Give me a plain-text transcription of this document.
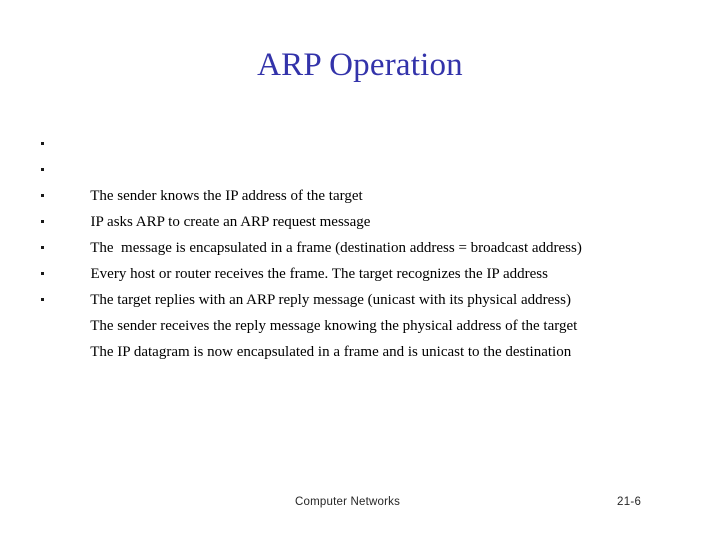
ARP Operation

The sender knows the IP address of the target

IP asks ARP to create an ARP request message

The  message is encapsulated in a frame (destination address = broadcast address)

Every host or router receives the frame. The target recognizes the IP address

The target replies with an ARP reply message (unicast with its physical address)

The sender receives the reply message knowing the physical address of the target

The IP datagram is now encapsulated in a frame and is unicast to the destination

Computer Networks	21-6
